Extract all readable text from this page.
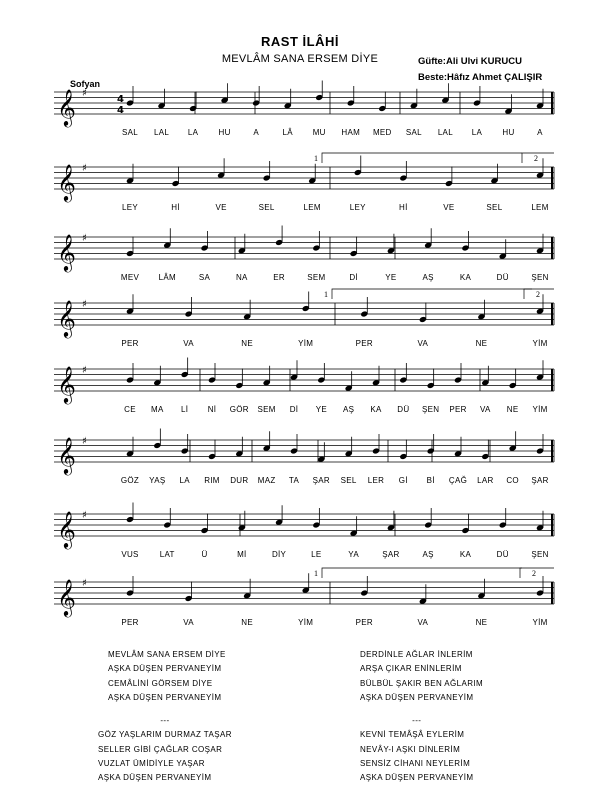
RAST İLÂHİ
MEVLÂM SANA ERSEM DİYE	Güfte:Ali Ulvi KURUCU
Beste:Hâfız Ahmet ÇALIŞIR
Sofyan
𝄞 ♯
4
4
SAL LAL LA	HU	A	LÂ MU HAM MED SAL LAL LA	HU	A
𝄞 ♯
1	2
LEY	Hİ	VE	SEL	LEM	LEY	Hİ	VE	SEL	LEM
𝄞 ♯
MEV LÂM	SA	NA	ER	SEM	Dİ	YE	AŞ	KA	DÜ	ŞEN
𝄞 ♯
1	2
PER	VA	NE	YİM	PER	VA	NE	YİM
𝄞 ♯
CE MA Lİ Nİ GÖR SEM Dİ YE AŞ KA DÜ ŞEN PER VA NE YİM
𝄞 ♯
GÖZ YAŞ LA RIM DUR MAZ TA ŞAR SEL LER Gİ Bİ ÇAĞ LAR CO ŞAR
𝄞 ♯
VUS	LAT	Ü	Mİ	DİY	LE	YA	ŞAR	AŞ	KA	DÜ	ŞEN
𝄞 ♯
1	2
PER	VA	NE	YİM	PER	VA	NE	YİM
MEVLÂM SANA ERSEM DİYE
AŞKA DÜŞEN PERVANEYİM
CEMÂLİNİ GÖRSEM DİYE
AŞKA DÜŞEN PERVANEYİM
DERDİNLE AĞLAR İNLERİM
ARŞA ÇIKAR ENİNLERİM
BÜLBÜL ŞAKIR BEN AĞLARIM
AŞKA DÜŞEN PERVANEYİM
---
GÖZ YAŞLARIM DURMAZ TAŞAR
SELLER GİBİ ÇAĞLAR COŞAR
VUZLAT ÜMİDİYLE YAŞAR
AŞKA DÜŞEN PERVANEYİM
---
KEVNİ TEMÂŞÂ EYLERİM
NEVÂY-I AŞKI DİNLERİM
SENSİZ CİHANI NEYLERİM
AŞKA DÜŞEN PERVANEYİM
